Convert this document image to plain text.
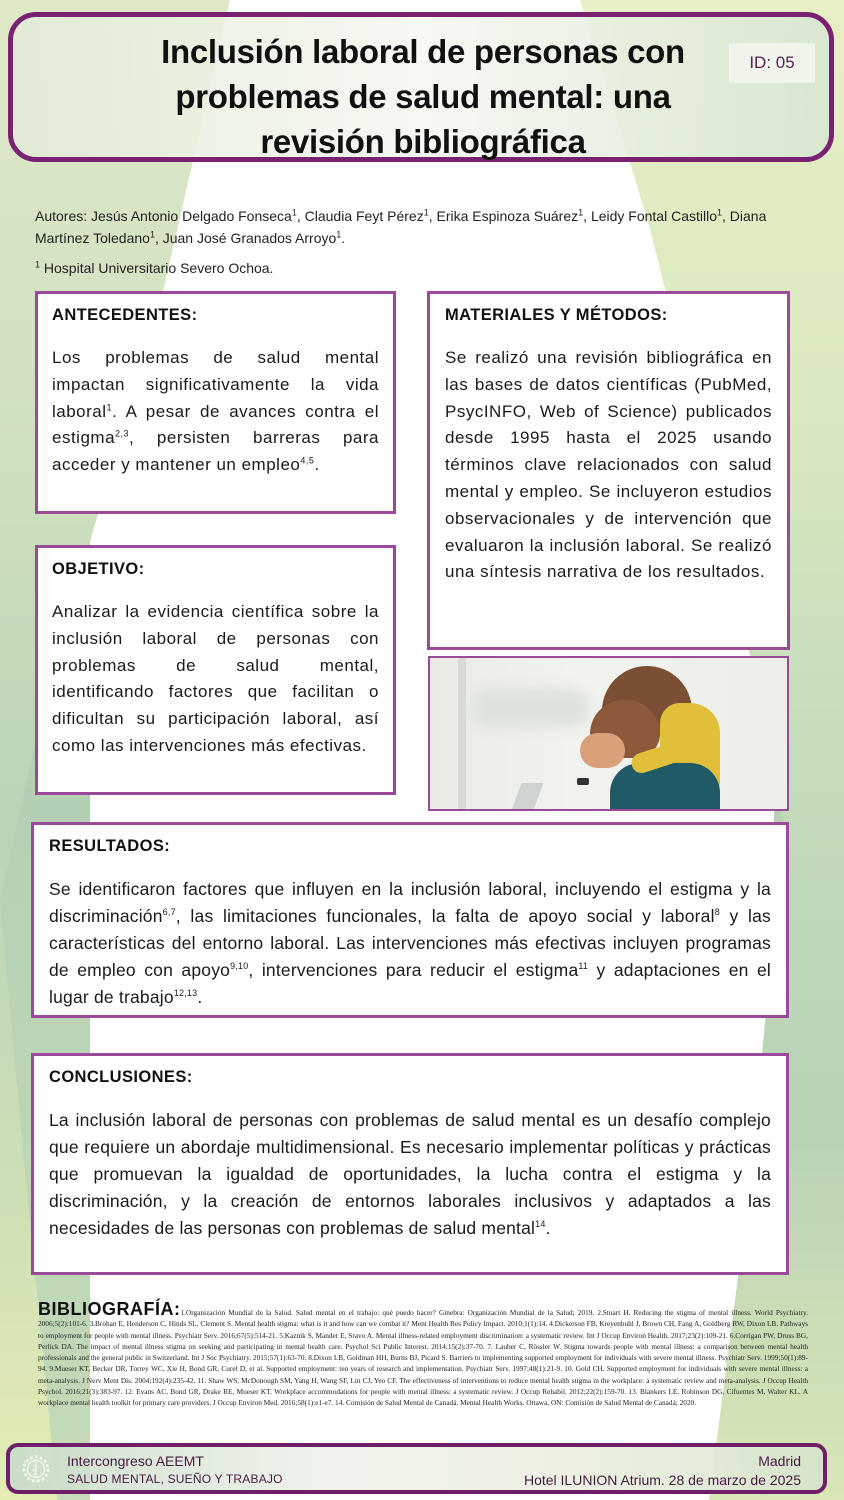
Inclusión laboral de personas con problemas de salud mental: una revisión bibliográfica
ID: 05

Autores: Jesús Antonio Delgado Fonseca$^1$, Claudia Feyt Pérez$^1$, Erika Espinoza Suárez$^1$, Leidy Fontal Castillo$^1$, Diana Martínez Toledano$^1$, Juan José Granados Arroyo$^1$.

$^1$ Hospital Universitario Severo Ochoa.

ANTECEDENTES:

Los problemas de salud mental impactan significativamente la vida laboral$^1$. A pesar de avances contra el estigma$^{2,3}$, persisten barreras para acceder y mantener un empleo$^{4,5}$.

OBJETIVO:

Analizar la evidencia científica sobre la inclusión laboral de personas con problemas de salud mental, identificando factores que facilitan o dificultan su participación laboral, así como las intervenciones más efectivas.

MATERIALES Y MÉTODOS:

Se realizó una revisión bibliográfica en las bases de datos científicas (PubMed, PsycINFO, Web of Science) publicados desde 1995 hasta el 2025 usando términos clave relacionados con salud mental y empleo. Se incluyeron estudios observacionales y de intervención que evaluaron la inclusión laboral. Se realizó una síntesis narrativa de los resultados.

RESULTADOS:

Se identificaron factores que influyen en la inclusión laboral, incluyendo el estigma y la discriminación$^{6,7}$, las limitaciones funcionales, la falta de apoyo social y laboral$^8$ y las características del entorno laboral. Las intervenciones más efectivas incluyen programas de empleo con apoyo$^{9,10}$, intervenciones para reducir el estigma$^{11}$ y adaptaciones en el lugar de trabajo$^{12,13}$.

CONCLUSIONES:

La inclusión laboral de personas con problemas de salud mental es un desafío complejo que requiere un abordaje multidimensional. Es necesario implementar políticas y prácticas que promuevan la igualdad de oportunidades, la lucha contra el estigma y la discriminación, y la creación de entornos laborales inclusivos y adaptados a las necesidades de las personas con problemas de salud mental$^{14}$.

BIBLIOGRAFÍA:1.Organización Mundial de la Salud. Salud mental en el trabajo: qué puedo hacer? Ginebra: Organización Mundial de la Salud; 2019. 2.Stuart H. Reducing the stigma of mental illness. World Psychiatry. 2006;5(2):101-6. 3.Brohan E, Henderson C, Hinds SL, Clement S. Mental health stigma: what is it and how can we combat it? Ment Health Res Policy Impact. 2010;1(1):14. 4.Dickerson FB, Kreyenbuhl J, Brown CH, Fang A, Goldberg RW, Dixon LB. Pathways to employment for people with mental illness. Psychiatr Serv. 2016;67(5):514-21. 5.Kaznik S, Mander E, Sravo A. Mental illness-related employment discrimination: a systematic review. Int J Occup Environ Health. 2017;23(2):109-21. 6.Corrigan PW, Druss BG, Perlick DA. The impact of mental illness stigma on seeking and participating in mental health care. Psychol Sci Public Interest. 2014;15(2):37-70. 7. Lauber C, Rössler W. Stigma towards people with mental illness: a comparison between mental health professionals and the general public in Switzerland. Int J Soc Psychiatry. 2015;57(1):63-70. 8.Dixon LB, Goldman HH, Burns BJ, Picard S. Barriers to implementing supported employment for individuals with severe mental illness. Psychiatr Serv. 1999;50(1):89-94. 9.Mueser KT, Becker DR, Torrey WC, Xie H, Bond GR, Curel D, et al. Supported employment: ten years of research and implementation. Psychiatr Serv. 1997;48(1):21-9. 10. Gold CH. Supported employment for individuals with severe mental illness: a meta-analysis. J Nerv Ment Dis. 2004;192(4):235-42. 11. Shaw WS, McDonough SM, Yang H, Wang SF, Lin CJ, Yeo CF. The effectiveness of interventions to reduce mental health stigma in the workplace: a systematic review and meta-analysis. J Occup Health Psychol. 2016;21(3):383-97. 12. Evans AC, Bond GR, Drake RE, Mueser KT. Workplace accommodations for people with mental illness: a systematic review. J Occup Rehabil. 2012;22(2):159-70. 13. Blankers LE, Robinson DG, Cifuentes M, Walter KL. A workplace mental health toolkit for primary care providers. J Occup Environ Med. 2016;58(1):e1-e7. 14. Comisión de Salud Mental de Canadá. Mental Health Works. Ottawa, ON: Comisión de Salud Mental de Canadá; 2020.
Intercongreso AEEMT
SALUD MENTAL, SUEÑO Y TRABAJO
Madrid
Hotel ILUNION Atrium. 28 de marzo de 2025
